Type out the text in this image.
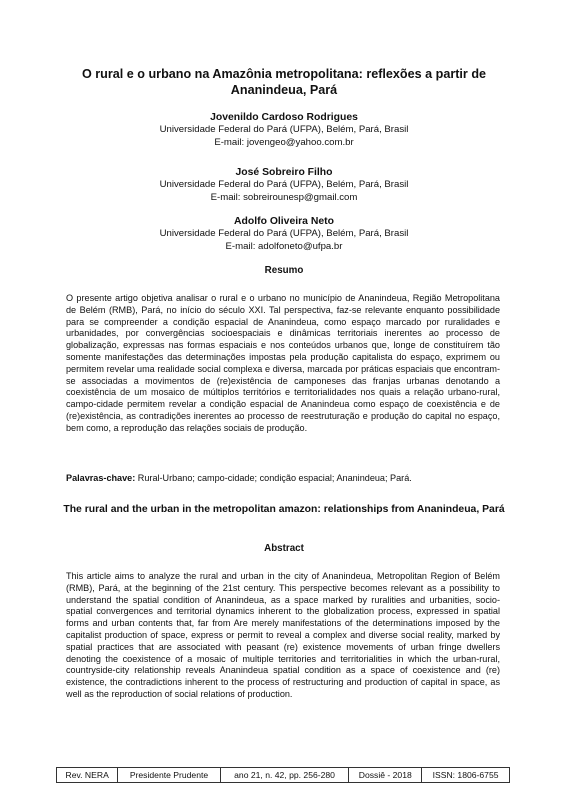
O rural e o urbano na Amazônia metropolitana: reflexões a partir de Ananindeua, Pará
Jovenildo Cardoso Rodrigues
Universidade Federal do Pará (UFPA), Belém, Pará, Brasil
E-mail: jovengeo@yahoo.com.br
José Sobreiro Filho
Universidade Federal do Pará (UFPA), Belém, Pará, Brasil
E-mail: sobreirounesp@gmail.com
Adolfo Oliveira Neto
Universidade Federal do Pará (UFPA), Belém, Pará, Brasil
E-mail: adolfoneto@ufpa.br
Resumo
O presente artigo objetiva analisar o rural e o urbano no município de Ananindeua, Região Metropolitana de Belém (RMB), Pará, no início do século XXI. Tal perspectiva, faz-se relevante enquanto possibilidade para se compreender a condição espacial de Ananindeua, como espaço marcado por ruralidades e urbanidades, por convergências socioespaciais e dinâmicas territoriais inerentes ao processo de globalização, expressas nas formas espaciais e nos conteúdos urbanos que, longe de constituírem tão somente manifestações das determinações impostas pela produção capitalista do espaço, exprimem ou permitem revelar uma realidade social complexa e diversa, marcada por práticas espaciais que encontram-se associadas a movimentos de (re)existência de camponeses das franjas urbanas denotando a coexistência de um mosaico de múltiplos territórios e territorialidades nos quais a relação urbano-rural, campo-cidade permitem revelar a condição espacial de Ananindeua como espaço de coexistência e de (re)existência, as contradições inerentes ao processo de reestruturação e produção do capital no espaço, bem como, a reprodução das relações sociais de produção.
Palavras-chave: Rural-Urbano; campo-cidade; condição espacial; Ananindeua; Pará.
The rural and the urban in the metropolitan amazon: relationships from Ananindeua, Pará
Abstract
This article aims to analyze the rural and urban in the city of Ananindeua, Metropolitan Region of Belém (RMB), Pará, at the beginning of the 21st century. This perspective becomes relevant as a possibility to understand the spatial condition of Ananindeua, as a space marked by ruralities and urbanities, socio-spatial convergences and territorial dynamics inherent to the globalization process, expressed in spatial forms and urban contents that, far from Are merely manifestations of the determinations imposed by the capitalist production of space, express or permit to reveal a complex and diverse social reality, marked by spatial practices that are associated with peasant (re) existence movements of urban fringe dwellers denoting the coexistence of a mosaic of multiple territories and territorialities in which the urban-rural, countryside-city relationship reveals Ananindeua spatial condition as a space of coexistence and (re) existence, the contradictions inherent to the process of restructuring and production of capital in space, as well as the reproduction of social relations of production.
Rev. NERA	Presidente Prudente	ano 21, n. 42, pp. 256-280	Dossiê - 2018	ISSN: 1806-6755
